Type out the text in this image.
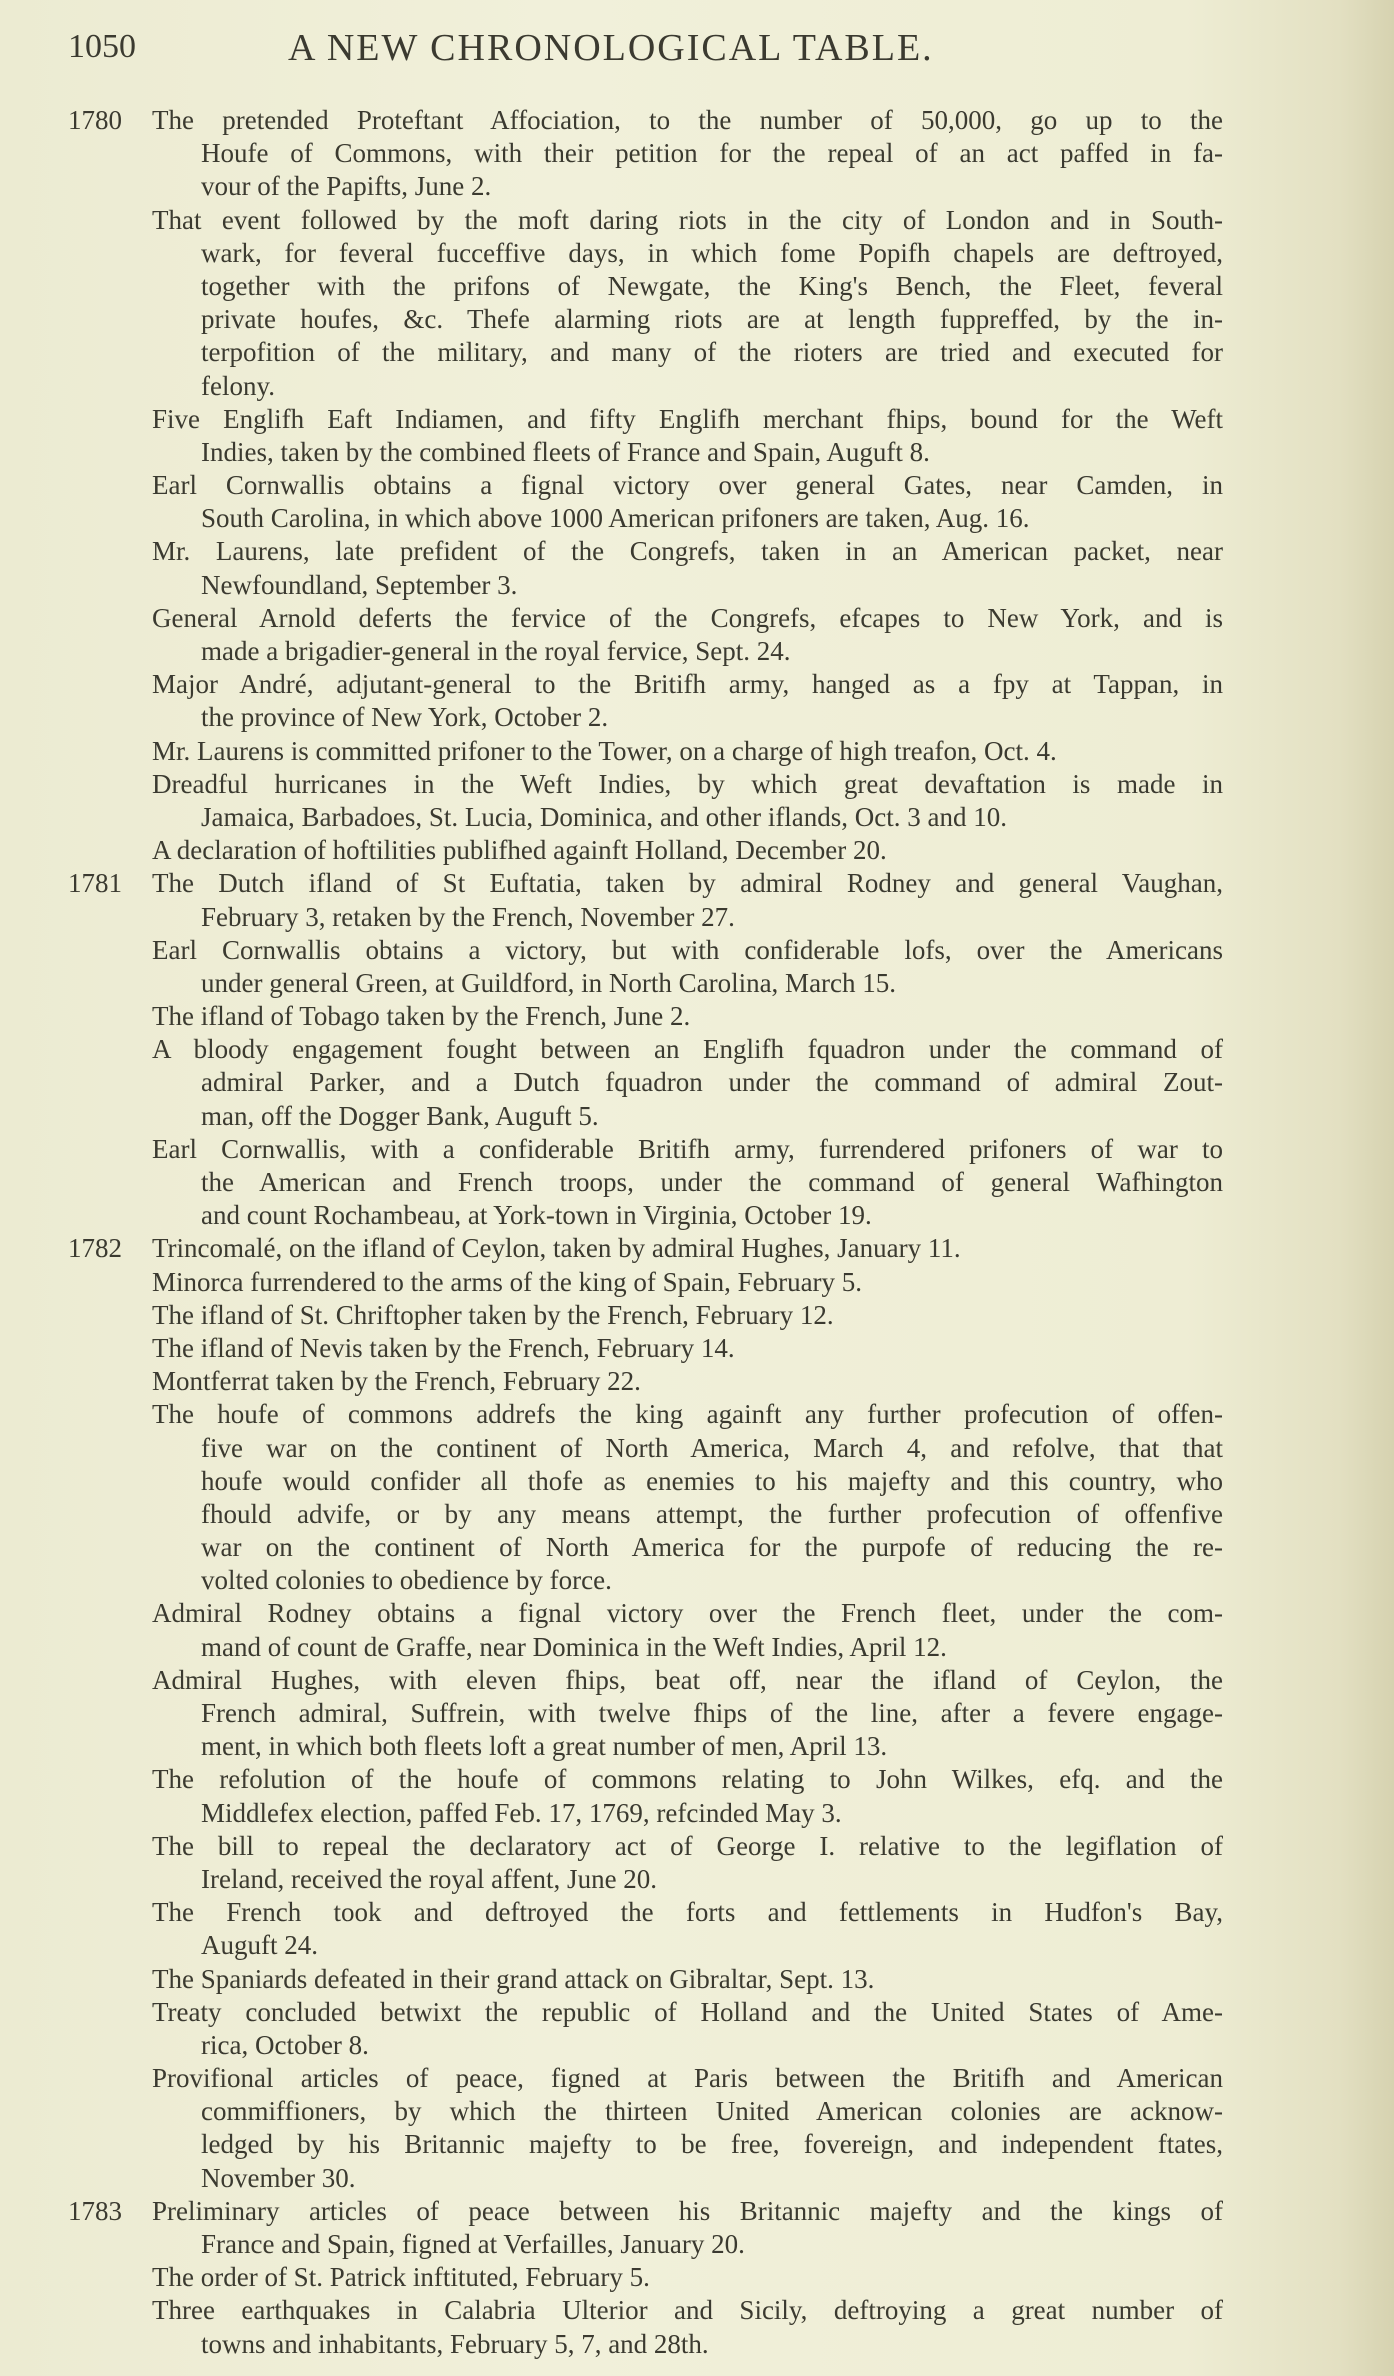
1050	A NEW CHRONOLOGICAL TABLE.
1780 The pretended Proteftant Affociation, to the number of 50,000, go up to the
Houfe of Commons, with their petition for the repeal of an act paffed in fa-
vour of the Papifts, June 2.
That event followed by the moft daring riots in the city of London and in South-
wark, for feveral fucceffive days, in which fome Popifh chapels are deftroyed,
together with the prifons of Newgate, the King's Bench, the Fleet, feveral
private houfes, &c. Thefe alarming riots are at length fuppreffed, by the in-
terpofition of the military, and many of the rioters are tried and executed for
felony.
Five Englifh Eaft Indiamen, and fifty Englifh merchant fhips, bound for the Weft
Indies, taken by the combined fleets of France and Spain, Auguft 8.
Earl Cornwallis obtains a fignal victory over general Gates, near Camden, in
South Carolina, in which above 1000 American prifoners are taken, Aug. 16.
Mr. Laurens, late prefident of the Congrefs, taken in an American packet, near
Newfoundland, September 3.
General Arnold deferts the fervice of the Congrefs, efcapes to New York, and is
made a brigadier-general in the royal fervice, Sept. 24.
Major André, adjutant-general to the Britifh army, hanged as a fpy at Tappan, in
the province of New York, October 2.
Mr. Laurens is committed prifoner to the Tower, on a charge of high treafon, Oct. 4.
Dreadful hurricanes in the Weft Indies, by which great devaftation is made in
Jamaica, Barbadoes, St. Lucia, Dominica, and other iflands, Oct. 3 and 10.
A declaration of hoftilities publifhed againft Holland, December 20.
1781 The Dutch ifland of St Euftatia, taken by admiral Rodney and general Vaughan,
February 3, retaken by the French, November 27.
Earl Cornwallis obtains a victory, but with confiderable lofs, over the Americans
under general Green, at Guildford, in North Carolina, March 15.
The ifland of Tobago taken by the French, June 2.
A bloody engagement fought between an Englifh fquadron under the command of
admiral Parker, and a Dutch fquadron under the command of admiral Zout-
man, off the Dogger Bank, Auguft 5.
Earl Cornwallis, with a confiderable Britifh army, furrendered prifoners of war to
the American and French troops, under the command of general Wafhington
and count Rochambeau, at York-town in Virginia, October 19.
1782 Trincomalé, on the ifland of Ceylon, taken by admiral Hughes, January 11.
Minorca furrendered to the arms of the king of Spain, February 5.
The ifland of St. Chriftopher taken by the French, February 12.
The ifland of Nevis taken by the French, February 14.
Montferrat taken by the French, February 22.
The houfe of commons addrefs the king againft any further profecution of offen-
five war on the continent of North America, March 4, and refolve, that that
houfe would confider all thofe as enemies to his majefty and this country, who
fhould advife, or by any means attempt, the further profecution of offenfive
war on the continent of North America for the purpofe of reducing the re-
volted colonies to obedience by force.
Admiral Rodney obtains a fignal victory over the French fleet, under the com-
mand of count de Graffe, near Dominica in the Weft Indies, April 12.
Admiral Hughes, with eleven fhips, beat off, near the ifland of Ceylon, the
French admiral, Suffrein, with twelve fhips of the line, after a fevere engage-
ment, in which both fleets loft a great number of men, April 13.
The refolution of the houfe of commons relating to John Wilkes, efq. and the
Middlefex election, paffed Feb. 17, 1769, refcinded May 3.
The bill to repeal the declaratory act of George I. relative to the legiflation of
Ireland, received the royal affent, June 20.
The French took and deftroyed the forts and fettlements in Hudfon's Bay,
Auguft 24.
The Spaniards defeated in their grand attack on Gibraltar, Sept. 13.
Treaty concluded betwixt the republic of Holland and the United States of Ame-
rica, October 8.
Provifional articles of peace, figned at Paris between the Britifh and American
commiffioners, by which the thirteen United American colonies are acknow-
ledged by his Britannic majefty to be free, fovereign, and independent ftates,
November 30.
1783 Preliminary articles of peace between his Britannic majefty and the kings of
France and Spain, figned at Verfailles, January 20.
The order of St. Patrick inftituted, February 5.
Three earthquakes in Calabria Ulterior and Sicily, deftroying a great number of
towns and inhabitants, February 5, 7, and 28th.
